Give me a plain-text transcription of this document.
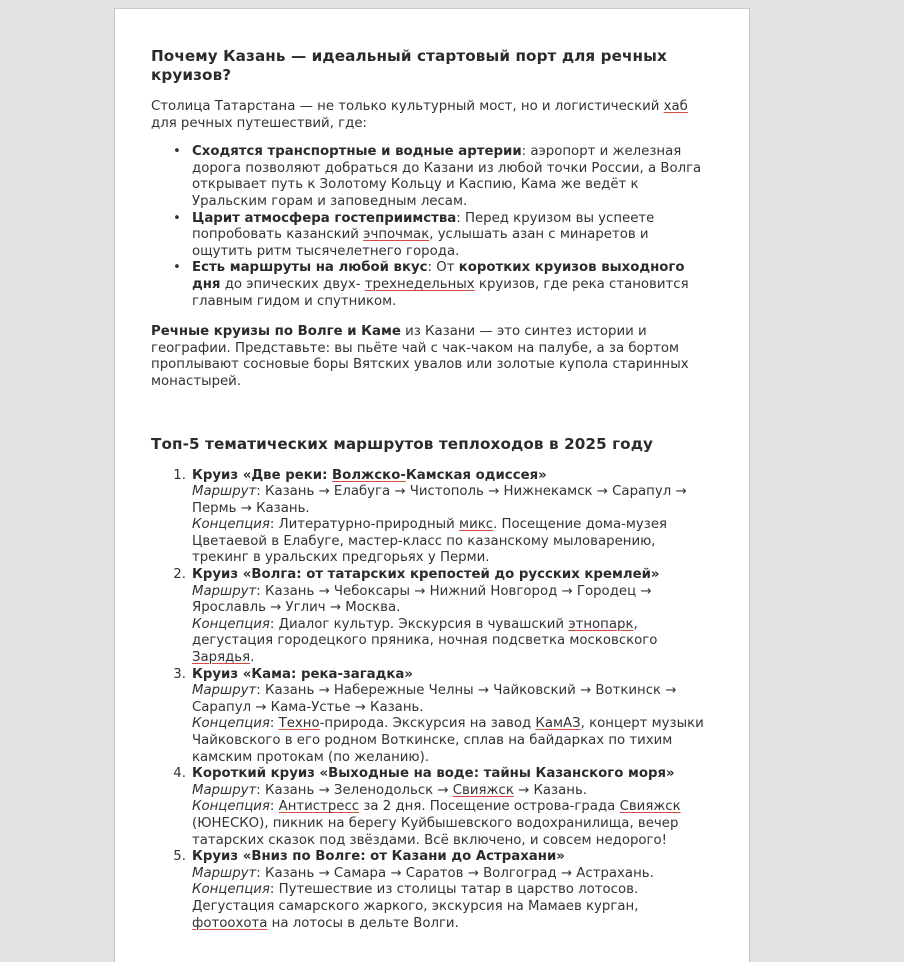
Почему Казань — идеальный стартовый порт для речных круизов?

Столица Татарстана — не только культурный мост, но и логистический хаб для речных путешествий, где:

• Сходятся транспортные и водные артерии: аэропорт и железная дорога позволяют добраться до Казани из любой точки России, а Волга открывает путь к Золотому Кольцу и Каспию, Кама же ведёт к Уральским горам и заповедным лесам.
• Царит атмосфера гостеприимства: Перед круизом вы успеете попробовать казанский эчпочмак, услышать азан с минаретов и ощутить ритм тысячелетнего города.
• Есть маршруты на любой вкус: От коротких круизов выходного дня до эпических двух- трехнедельных круизов, где река становится главным гидом и спутником.

Речные круизы по Волге и Каме из Казани — это синтез истории и географии. Представьте: вы пьёте чай с чак-чаком на палубе, а за бортом проплывают сосновые боры Вятских увалов или золотые купола старинных монастырей.

Топ-5 тематических маршрутов теплоходов в 2025 году
Круиз «Две реки: Волжско-Камская одиссея»
Маршрут: Казань → Елабуга → Чистополь → Нижнекамск → Сарапул → Пермь → Казань.
Концепция: Литературно-природный микс. Посещение дома-музея Цветаевой в Елабуге, мастер-класс по казанскому мыловарению, трекинг в уральских предгорьях у Перми.
Круиз «Волга: от татарских крепостей до русских кремлей»
Маршрут: Казань → Чебоксары → Нижний Новгород → Городец → Ярославль → Углич → Москва.
Концепция: Диалог культур. Экскурсия в чувашский этнопарк, дегустация городецкого пряника, ночная подсветка московского Зарядья.
Круиз «Кама: река-загадка»
Маршрут: Казань → Набережные Челны → Чайковский → Воткинск → Сарапул → Кама-Устье → Казань.
Концепция: Техно-природа. Экскурсия на завод КамАЗ, концерт музыки Чайковского в его родном Воткинске, сплав на байдарках по тихим камским протокам (по желанию).
Короткий круиз «Выходные на воде: тайны Казанского моря»
Маршрут: Казань → Зеленодольск → Свияжск → Казань.
Концепция: Антистресс за 2 дня. Посещение острова-града Свияжск (ЮНЕСКО), пикник на берегу Куйбышевского водохранилища, вечер татарских сказок под звёздами. Всё включено, и совсем недорого!
Круиз «Вниз по Волге: от Казани до Астрахани»
Маршрут: Казань → Самара → Саратов → Волгоград → Астрахань.
Концепция: Путешествие из столицы татар в царство лотосов. Дегустация самарского жаркого, экскурсия на Мамаев курган, фотоохота на лотосы в дельте Волги.
